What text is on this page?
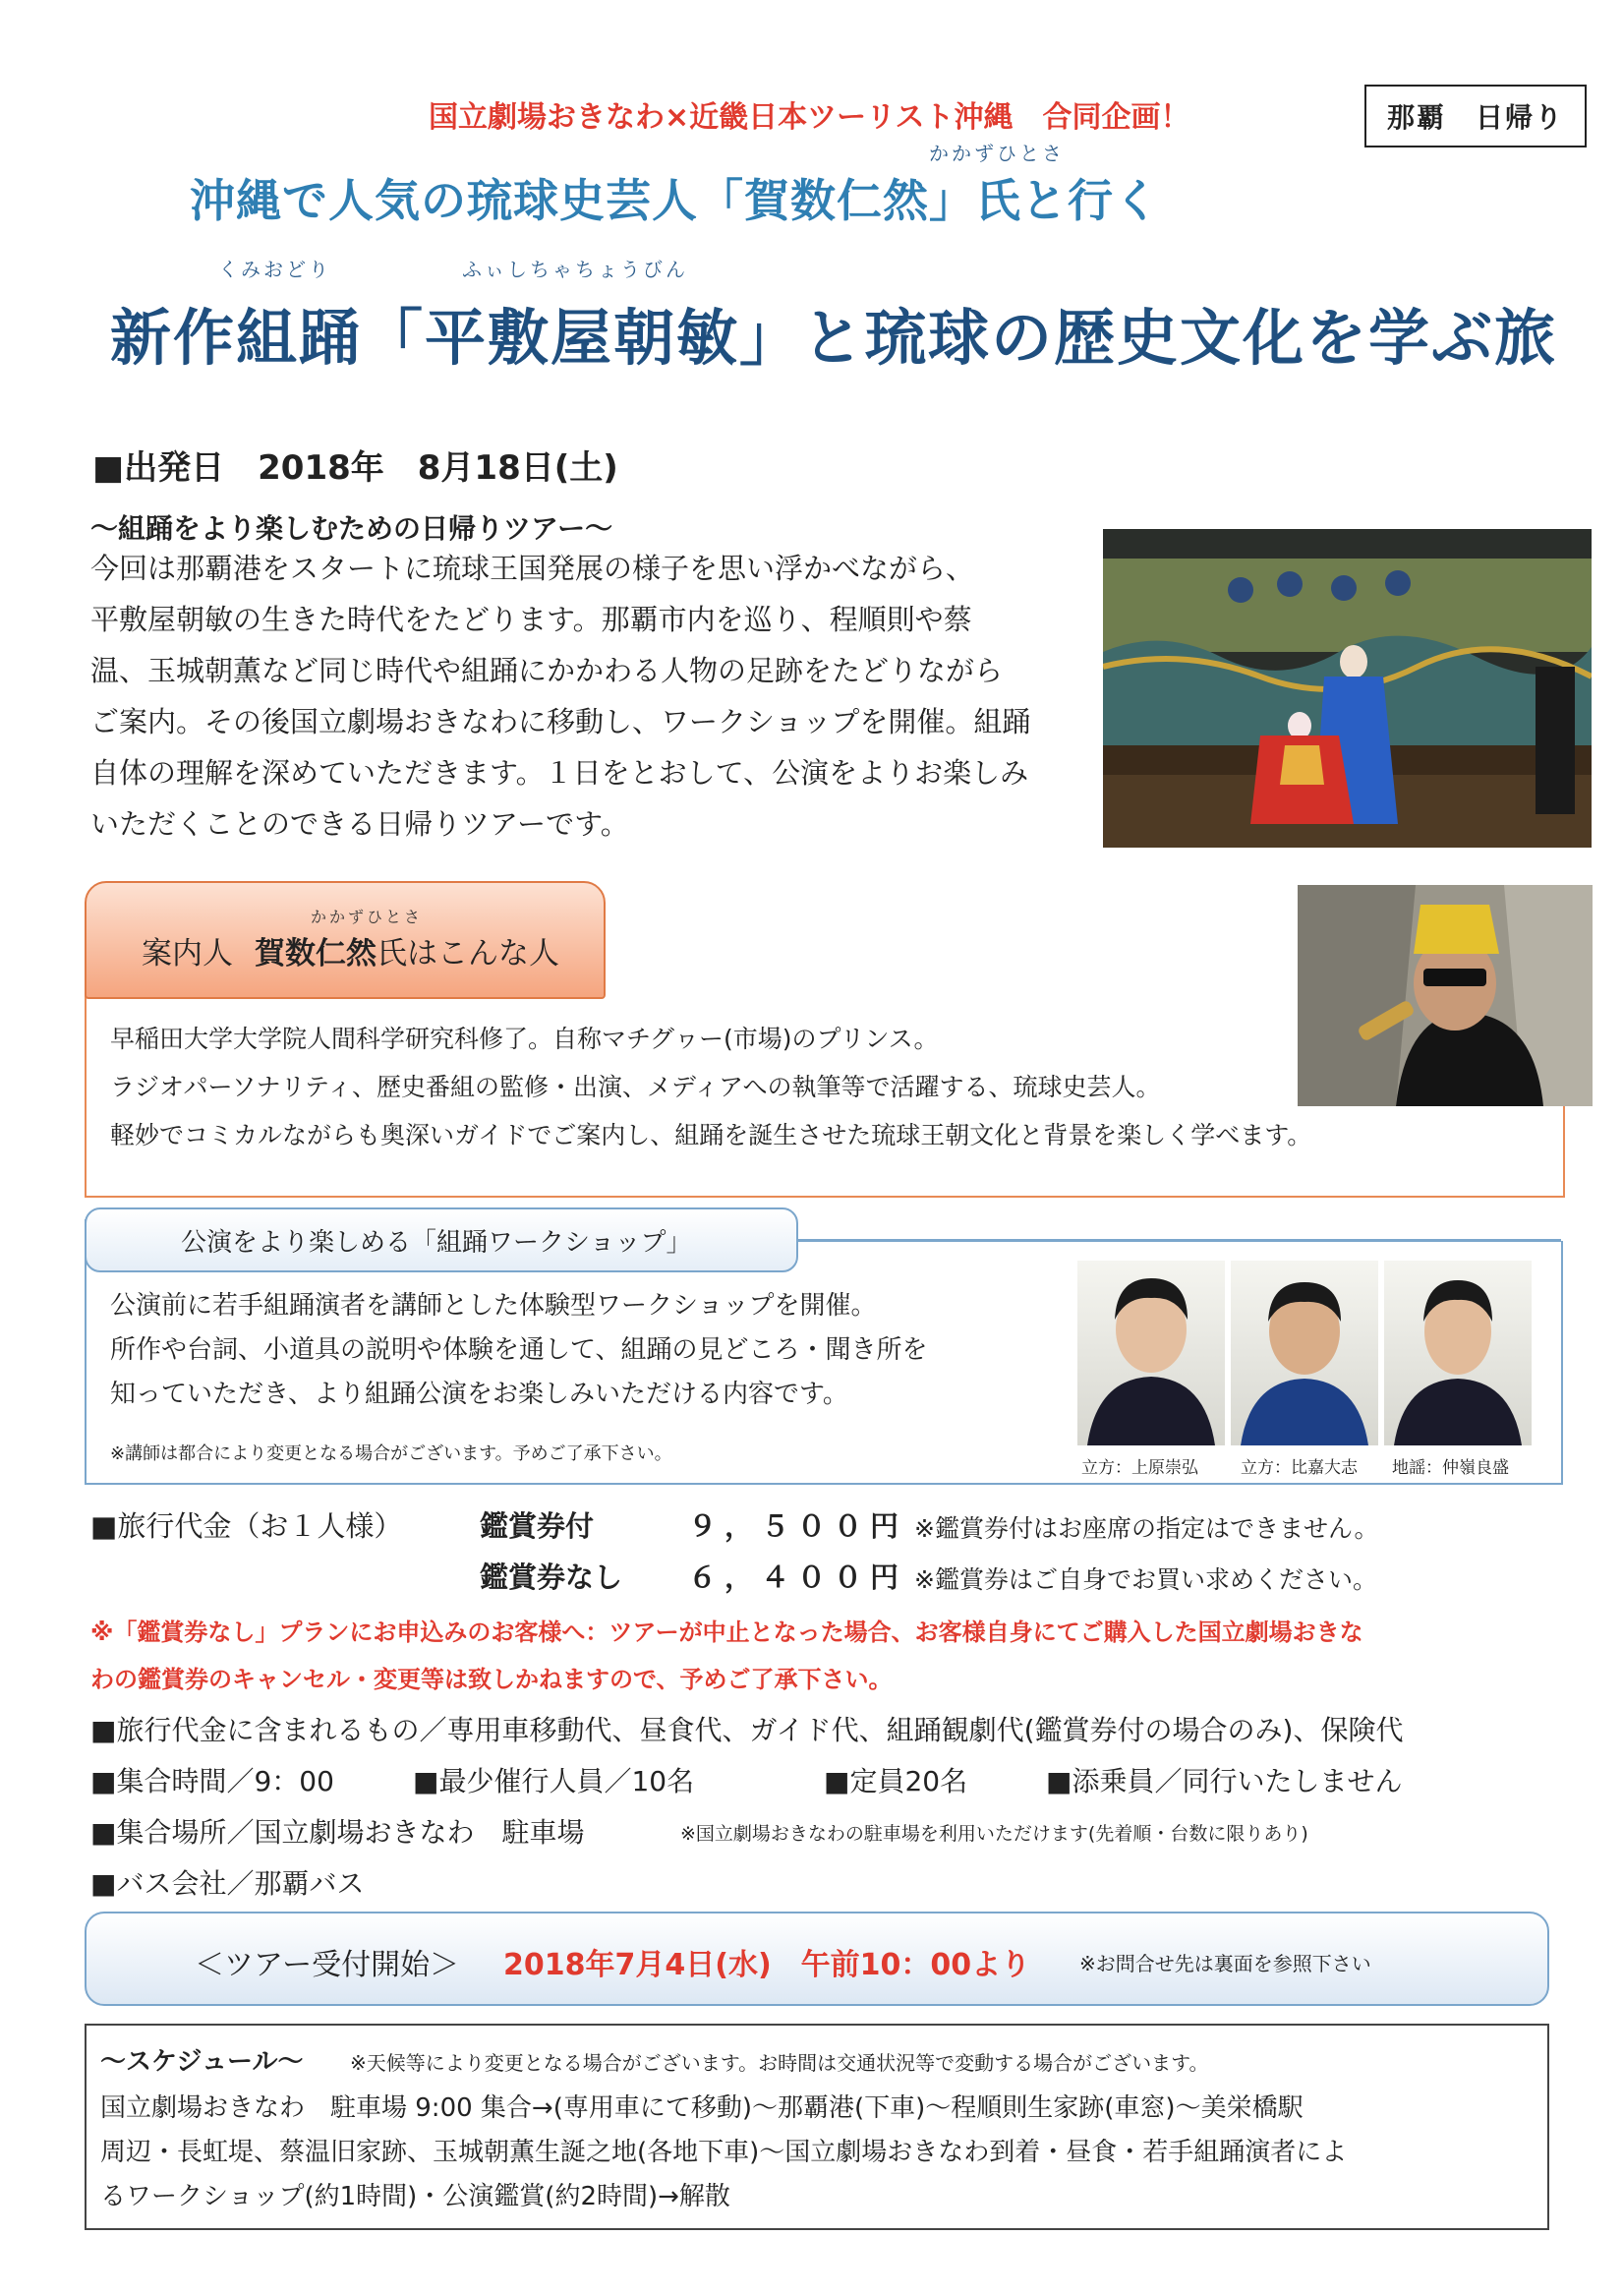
国立劇場おきなわ×近畿日本ツーリスト沖縄　合同企画！	那覇　日帰り
かかずひとさ
沖縄で人気の琉球史芸人「賀数仁然」氏と行く
くみおどり	ふぃしちゃちょうびん
新作組踊「平敷屋朝敏」と琉球の歴史文化を学ぶ旅
■出発日　2018年　8月18日(土)
～組踊をより楽しむための日帰りツアー～
今回は那覇港をスタートに琉球王国発展の様子を思い浮かべながら、
平敷屋朝敏の生きた時代をたどります。那覇市内を巡り、程順則や蔡
温、玉城朝薫など同じ時代や組踊にかかわる人物の足跡をたどりながら
ご案内。その後国立劇場おきなわに移動し、ワークショップを開催。組踊
自体の理解を深めていただきます。１日をとおして、公演をよりお楽しみ
いただくことのできる日帰りツアーです。
かかずひとさ
案内人 賀数仁然氏はこんな人
早稲田大学大学院人間科学研究科修了。自称マチグヮー(市場)のプリンス。
ラジオパーソナリティ、歴史番組の監修・出演、メディアへの執筆等で活躍する、琉球史芸人。
軽妙でコミカルながらも奥深いガイドでご案内し、組踊を誕生させた琉球王朝文化と背景を楽しく学べます。
公演をより楽しめる「組踊ワークショップ」
公演前に若手組踊演者を講師とした体験型ワークショップを開催。
所作や台詞、小道具の説明や体験を通して、組踊の見どころ・聞き所を
知っていただき、より組踊公演をお楽しみいただける内容です。
※講師は都合により変更となる場合がございます。予めご了承下さい。
立方：上原崇弘	立方：比嘉大志 地謡：仲嶺良盛
■旅行代金（お１人様）	鑑賞券付	９，５００円 ※鑑賞券付はお座席の指定はできません。
鑑賞券なし ６，４００円 ※鑑賞券はご自身でお買い求めください。
※「鑑賞券なし」プランにお申込みのお客様へ：ツアーが中止となった場合、お客様自身にてご購入した国立劇場おきな
わの鑑賞券のキャンセル・変更等は致しかねますので、予めご了承下さい。
■旅行代金に含まれるもの／専用車移動代、昼食代、ガイド代、組踊観劇代(鑑賞券付の場合のみ)、保険代
■集合時間／9：00	■最少催行人員／10名	■定員20名	■添乗員／同行いたしません
■集合場所／国立劇場おきなわ　駐車場	※国立劇場おきなわの駐車場を利用いただけます(先着順・台数に限りあり)
■バス会社／那覇バス
＜ツアー受付開始＞ 2018年7月4日(水)　午前10：00より ※お問合せ先は裏面を参照下さい
～スケジュール～ ※天候等により変更となる場合がございます。お時間は交通状況等で変動する場合がございます。
国立劇場おきなわ　駐車場 9:00 集合→(専用車にて移動)～那覇港(下車)～程順則生家跡(車窓)～美栄橋駅
周辺・長虹堤、蔡温旧家跡、玉城朝薫生誕之地(各地下車)～国立劇場おきなわ到着・昼食・若手組踊演者によ
るワークショップ(約1時間)・公演鑑賞(約2時間)→解散
